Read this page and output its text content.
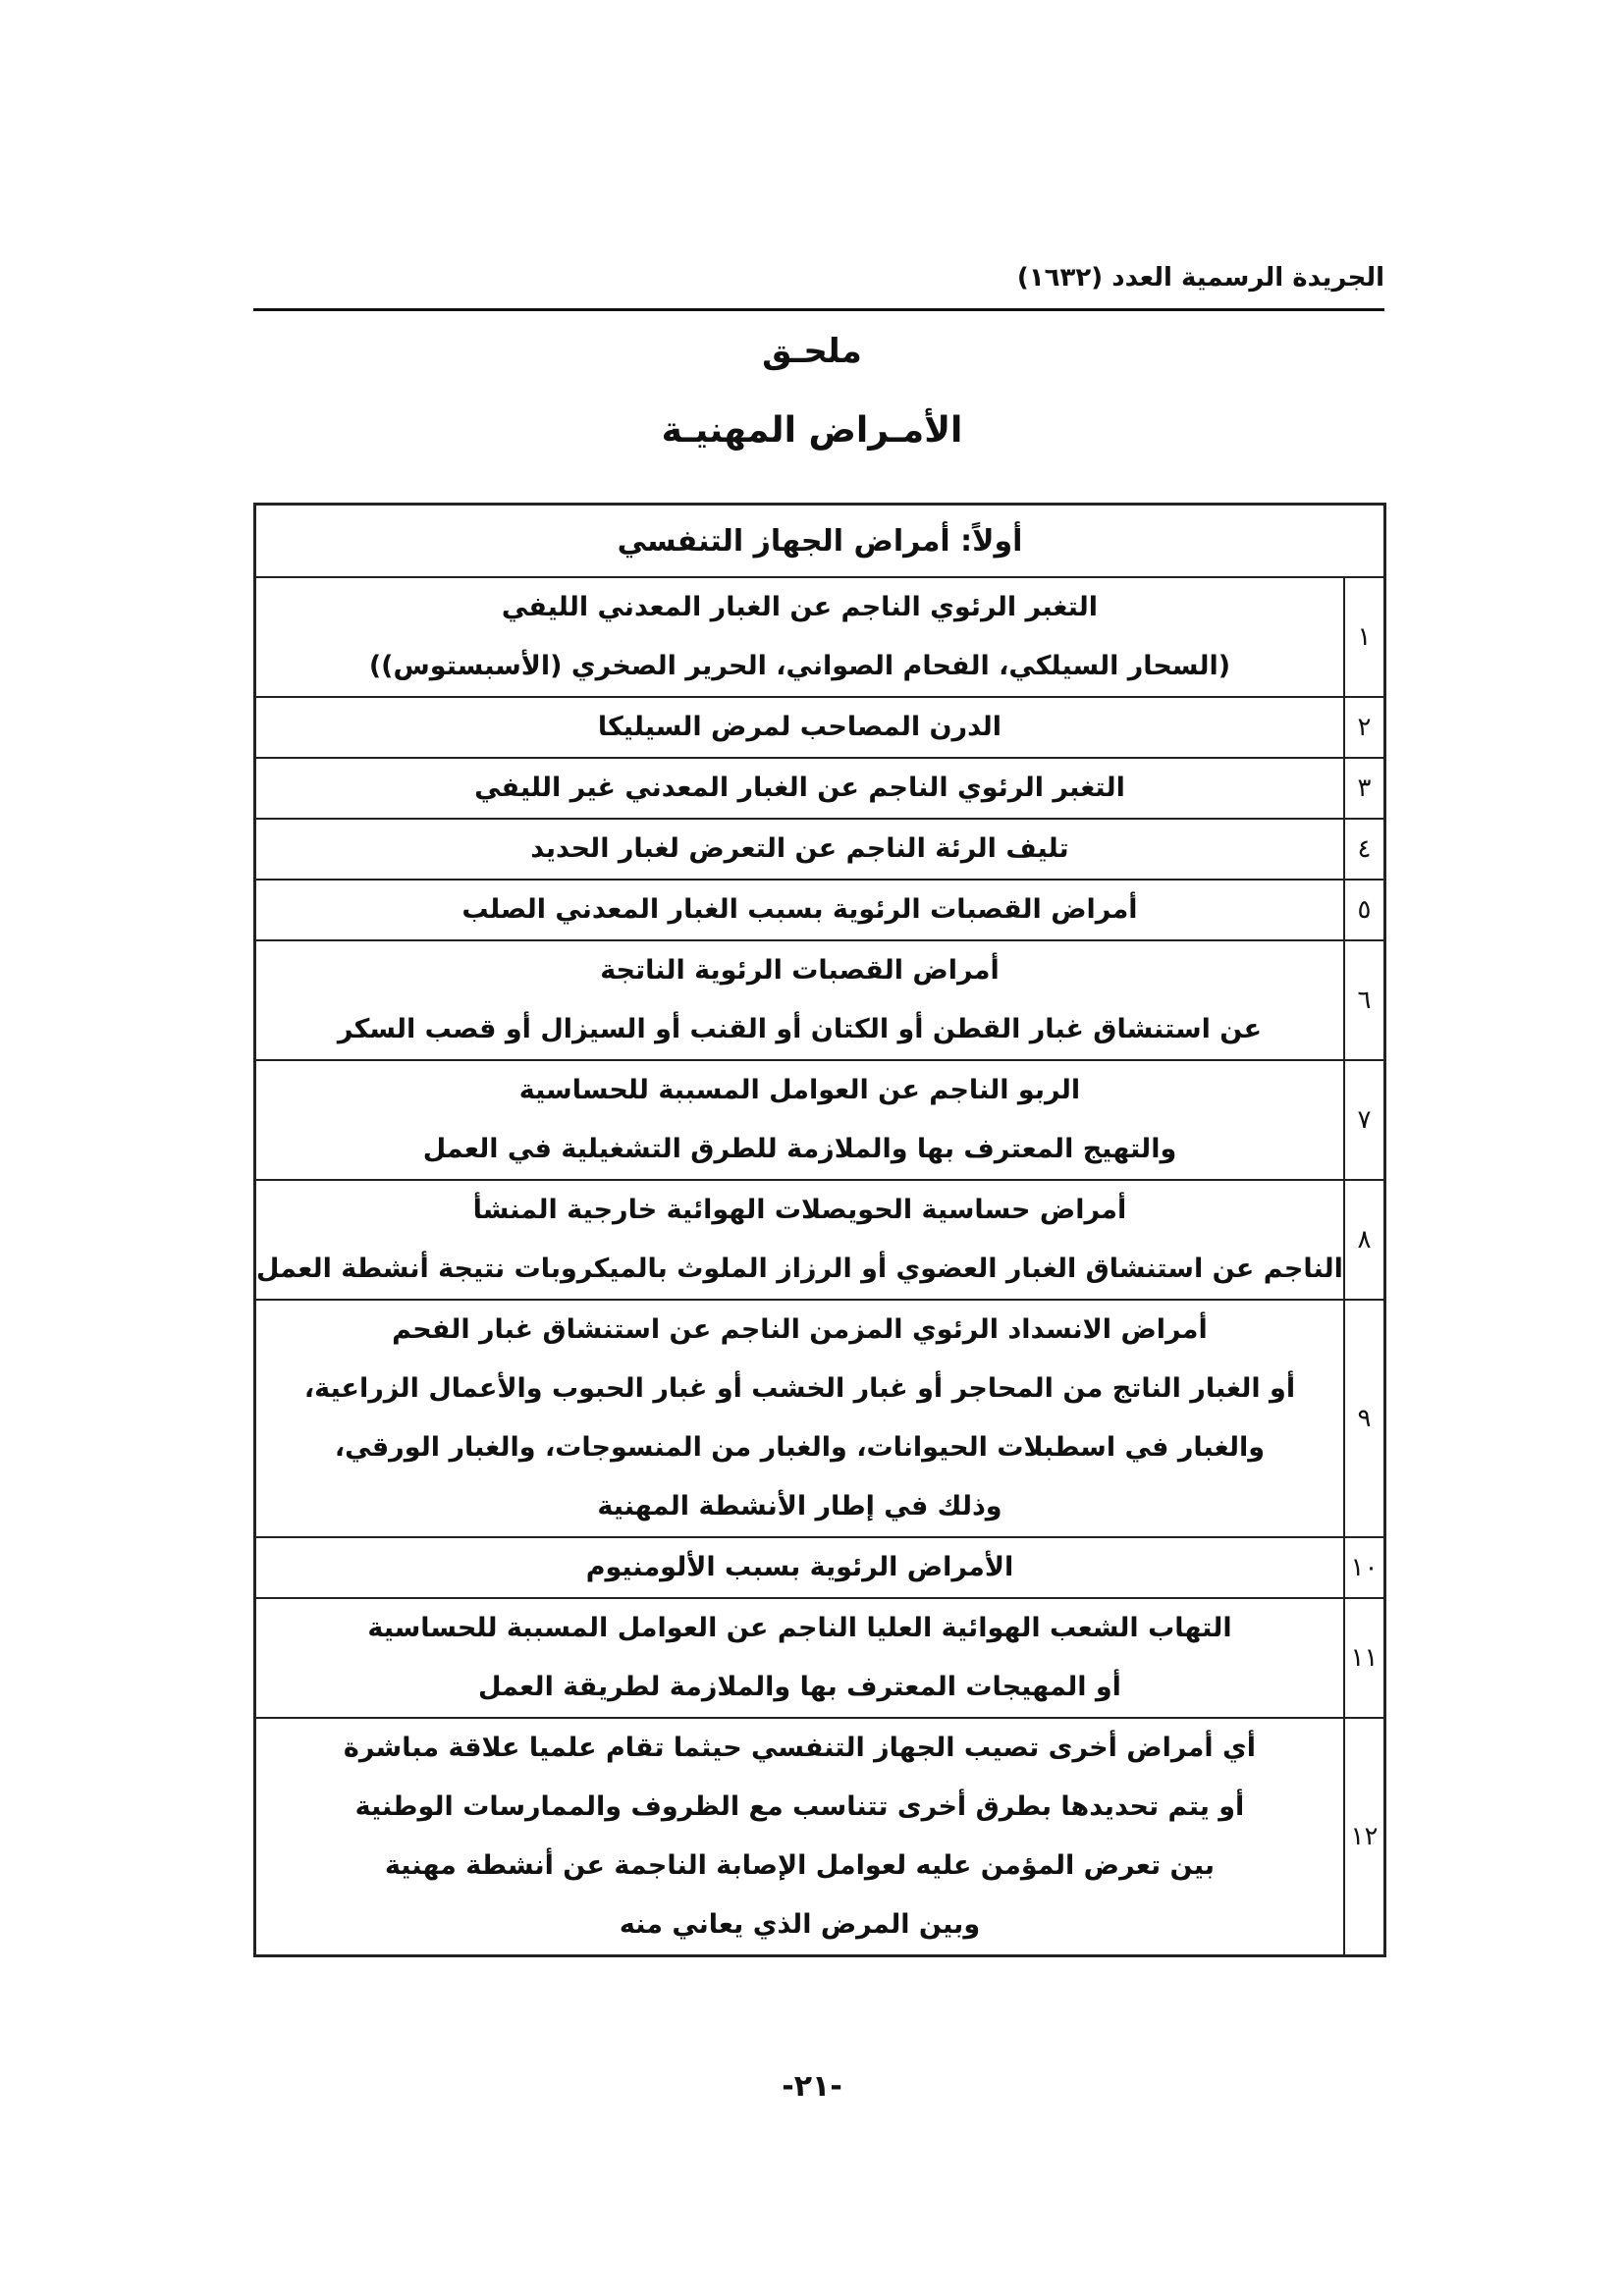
الجريدة الرسمية العدد (١٦٣٢)
ملحـق
الأمـراض المهنيـة
أولاً: أمراض الجهاز التنفسي	
١	التغبر الرئوي الناجم عن الغبار المعدني الليفي
(السحار السيلكي، الفحام الصواني، الحرير الصخري (الأسبستوس))

٢	الدرن المصاحب لمرض السيليكا

٣	التغبر الرئوي الناجم عن الغبار المعدني غير الليفي

٤	تليف الرئة الناجم عن التعرض لغبار الحديد

٥	أمراض القصبات الرئوية بسبب الغبار المعدني الصلب

٦	أمراض القصبات الرئوية الناتجة
عن استنشاق غبار القطن أو الكتان أو القنب أو السيزال أو قصب السكر

٧	الربو الناجم عن العوامل المسببة للحساسية
والتهيج المعترف بها والملازمة للطرق التشغيلية في العمل

٨	أمراض حساسية الحويصلات الهوائية خارجية المنشأ
الناجم عن استنشاق الغبار العضوي أو الرزاز الملوث بالميكروبات نتيجة أنشطة العمل

٩	أمراض الانسداد الرئوي المزمن الناجم عن استنشاق غبار الفحم
أو الغبار الناتج من المحاجر أو غبار الخشب أو غبار الحبوب والأعمال الزراعية،
والغبار في اسطبلات الحيوانات، والغبار من المنسوجات، والغبار الورقي،
وذلك في إطار الأنشطة المهنية

١٠	الأمراض الرئوية بسبب الألومنيوم

١١	التهاب الشعب الهوائية العليا الناجم عن العوامل المسببة للحساسية
أو المهيجات المعترف بها والملازمة لطريقة العمل

١٢	أي أمراض أخرى تصيب الجهاز التنفسي حيثما تقام علميا علاقة مباشرة
أو يتم تحديدها بطرق أخرى تتناسب مع الظروف والممارسات الوطنية
بين تعرض المؤمن عليه لعوامل الإصابة الناجمة عن أنشطة مهنية
وبين المرض الذي يعاني منه
-٢١-
